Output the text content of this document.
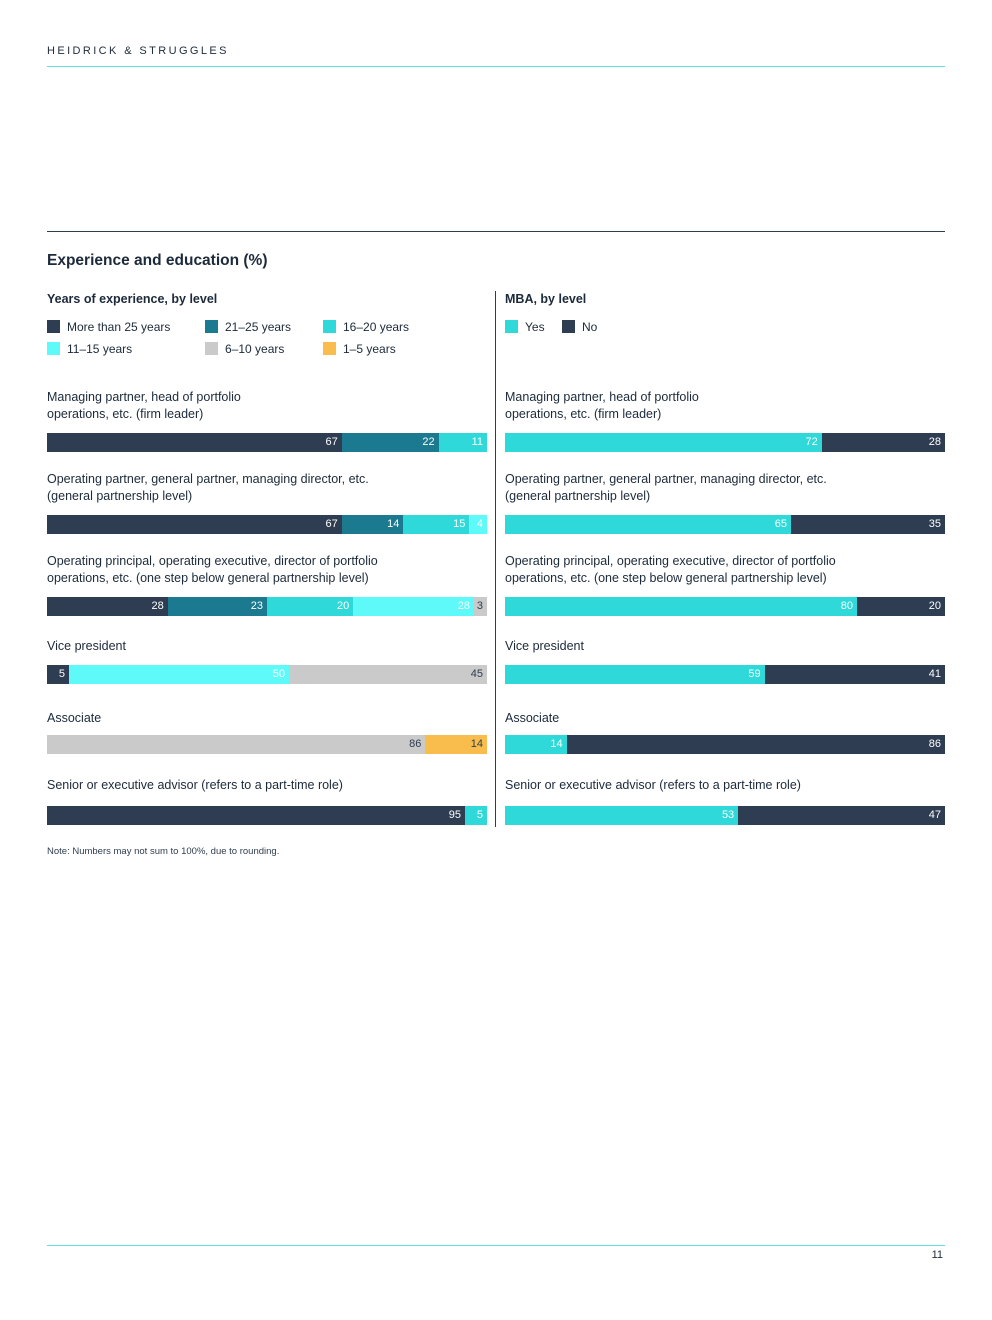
HEIDRICK & STRUGGLES
Experience and education (%)
Years of experience, by level
More than 25 years	21–25 years	16–20 years
11–15 years	6–10 years	1–5 years
Managing partner, head of portfolio
operations, etc. (firm leader)
67	22	11
Operating partner, general partner, managing director, etc.
(general partnership level)
67	14	15 4
Operating principal, operating executive, director of portfolio
operations, etc. (one step below general partnership level)
28	23	20	28 3
Vice president
5	50	45
Associate
86	14
Senior or executive advisor (refers to a part-time role)
95 5
MBA, by level
Yes	No
Managing partner, head of portfolio
operations, etc. (firm leader)
72	28
Operating partner, general partner, managing director, etc.
(general partnership level)
65	35
Operating principal, operating executive, director of portfolio
operations, etc. (one step below general partnership level)
80	20
Vice president
59	41
Associate
14	86
Senior or executive advisor (refers to a part-time role)
53	47
Note: Numbers may not sum to 100%, due to rounding.
11
